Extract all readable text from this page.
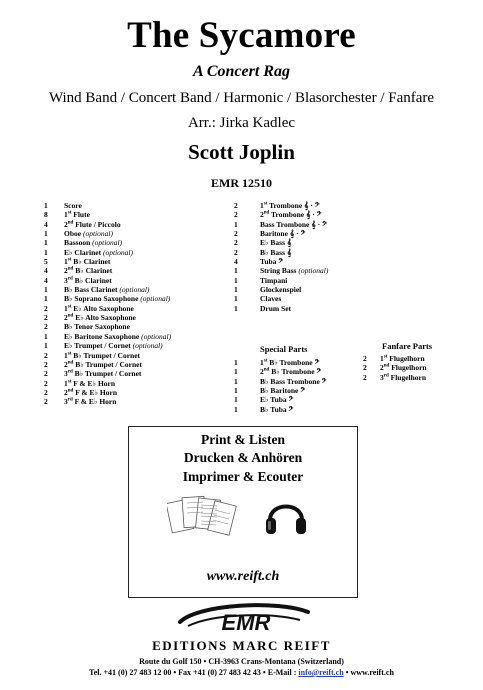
The Sycamore
A Concert Rag
Wind Band / Concert Band / Harmonic / Blasorchester / Fanfare
Arr.: Jirka Kadlec
Scott Joplin
EMR 12510
1 Score
8 1st Flute
4 2nd Flute / Piccolo
1 Oboe (optional)
1 Bassoon (optional)
1 E♭ Clarinet (optional)
5 1st B♭ Clarinet
4 2nd B♭ Clarinet
4 3rd B♭ Clarinet
1 B♭ Bass Clarinet (optional)
1 B♭ Soprano Saxophone (optional)
2 1st E♭ Alto Saxophone
2 2nd E♭ Alto Saxophone
2 B♭ Tenor Saxophone
1 E♭ Baritone Saxophone (optional)
1 E♭ Trumpet / Cornet (optional)
2 1st B♭ Trumpet / Cornet
2 2nd B♭ Trumpet / Cornet
2 3rd B♭ Trumpet / Cornet
2 1st F & E♭ Horn
2 2nd F & E♭ Horn
2 3rd F & E♭ Horn
2	1st Trombone 𝄞 · 𝄢
2	2nd Trombone 𝄞 · 𝄢
1	Bass Trombone 𝄞 · 𝄢
2	Baritone 𝄞 · 𝄢
2	E♭ Bass 𝄞
2	B♭ Bass 𝄞
4	Tuba 𝄢
1	String Bass (optional)
1	Timpani
1	Glockenspiel
1	Claves
1	Drum Set
Special Parts
1	1st B♭ Trombone 𝄢
1	2nd B♭ Trombone 𝄢
1	B♭ Bass Trombone 𝄢
1	B♭ Baritone 𝄢
1	E♭ Tuba 𝄢
1	B♭ Tuba 𝄢
Fanfare Parts
2 1st Flugelhorn
2 2nd Flugelhorn
2 3rd Flugelhorn
Print & Listen
Drucken & Anhören
Imprimer & Ecouter
www.reift.ch
EMR
EDITIONS MARC REIFT
Route du Golf 150 • CH-3963 Crans-Montana (Switzerland)
Tel. +41 (0) 27 483 12 00 • Fax +41 (0) 27 483 42 43 • E-Mail : info@reift.ch • www.reift.ch
